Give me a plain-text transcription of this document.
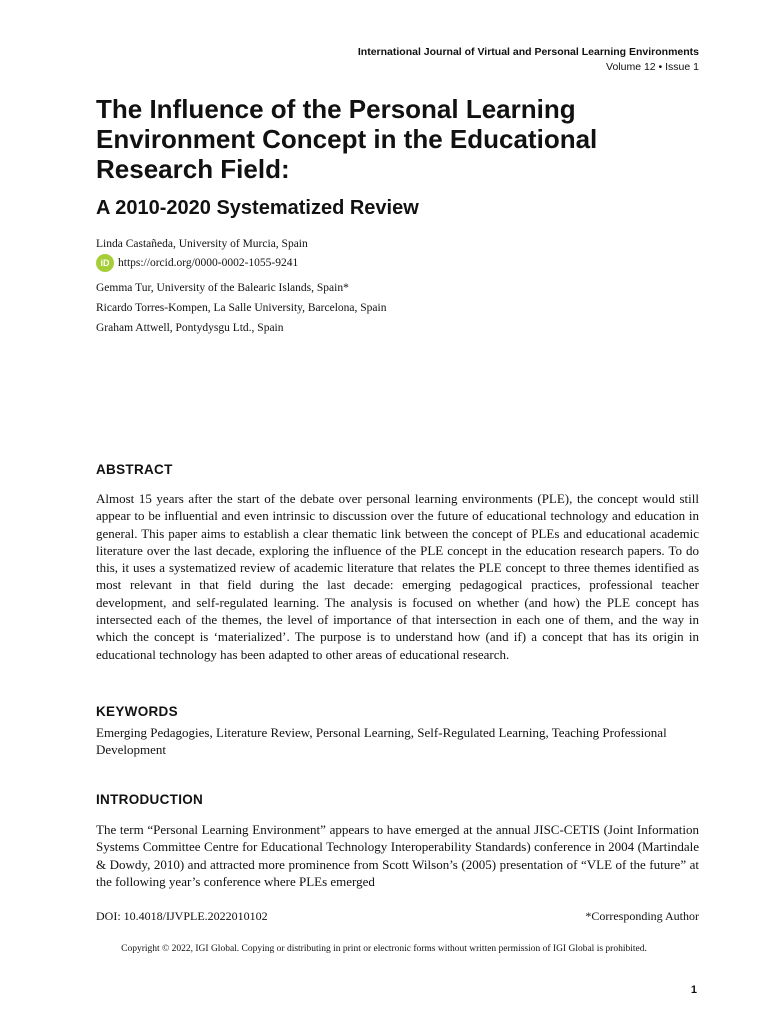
International Journal of Virtual and Personal Learning Environments
Volume 12 • Issue 1
The Influence of the Personal Learning Environment Concept in the Educational Research Field:
A 2010-2020 Systematized Review
Linda Castañeda, University of Murcia, Spain
iD https://orcid.org/0000-0002-1055-9241
Gemma Tur, University of the Balearic Islands, Spain*
Ricardo Torres-Kompen, La Salle University, Barcelona, Spain
Graham Attwell, Pontydysgu Ltd., Spain
ABSTRACT
Almost 15 years after the start of the debate over personal learning environments (PLE), the concept would still appear to be influential and even intrinsic to discussion over the future of educational technology and education in general. This paper aims to establish a clear thematic link between the concept of PLEs and educational academic literature over the last decade, exploring the influence of the PLE concept in the education research papers. To do this, it uses a systematized review of academic literature that relates the PLE concept to three themes identified as most relevant in that field during the last decade: emerging pedagogical practices, professional teacher development, and self-regulated learning. The analysis is focused on whether (and how) the PLE concept has intersected each of the themes, the level of importance of that intersection in each one of them, and the way in which the concept is ‘materialized’. The purpose is to understand how (and if) a concept that has its origin in educational technology has been adapted to other areas of educational research.
KEYWORDS
Emerging Pedagogies, Literature Review, Personal Learning, Self-Regulated Learning, Teaching Professional Development
INTRODUCTION
The term “Personal Learning Environment” appears to have emerged at the annual JISC-CETIS (Joint Information Systems Committee Centre for Educational Technology Interoperability Standards) conference in 2004 (Martindale & Dowdy, 2010) and attracted more prominence from Scott Wilson’s (2005) presentation of “VLE of the future” at the following year’s conference where PLEs emerged
DOI: 10.4018/IJVPLE.2022010102	*Corresponding Author
Copyright © 2022, IGI Global. Copying or distributing in print or electronic forms without written permission of IGI Global is prohibited.
1
